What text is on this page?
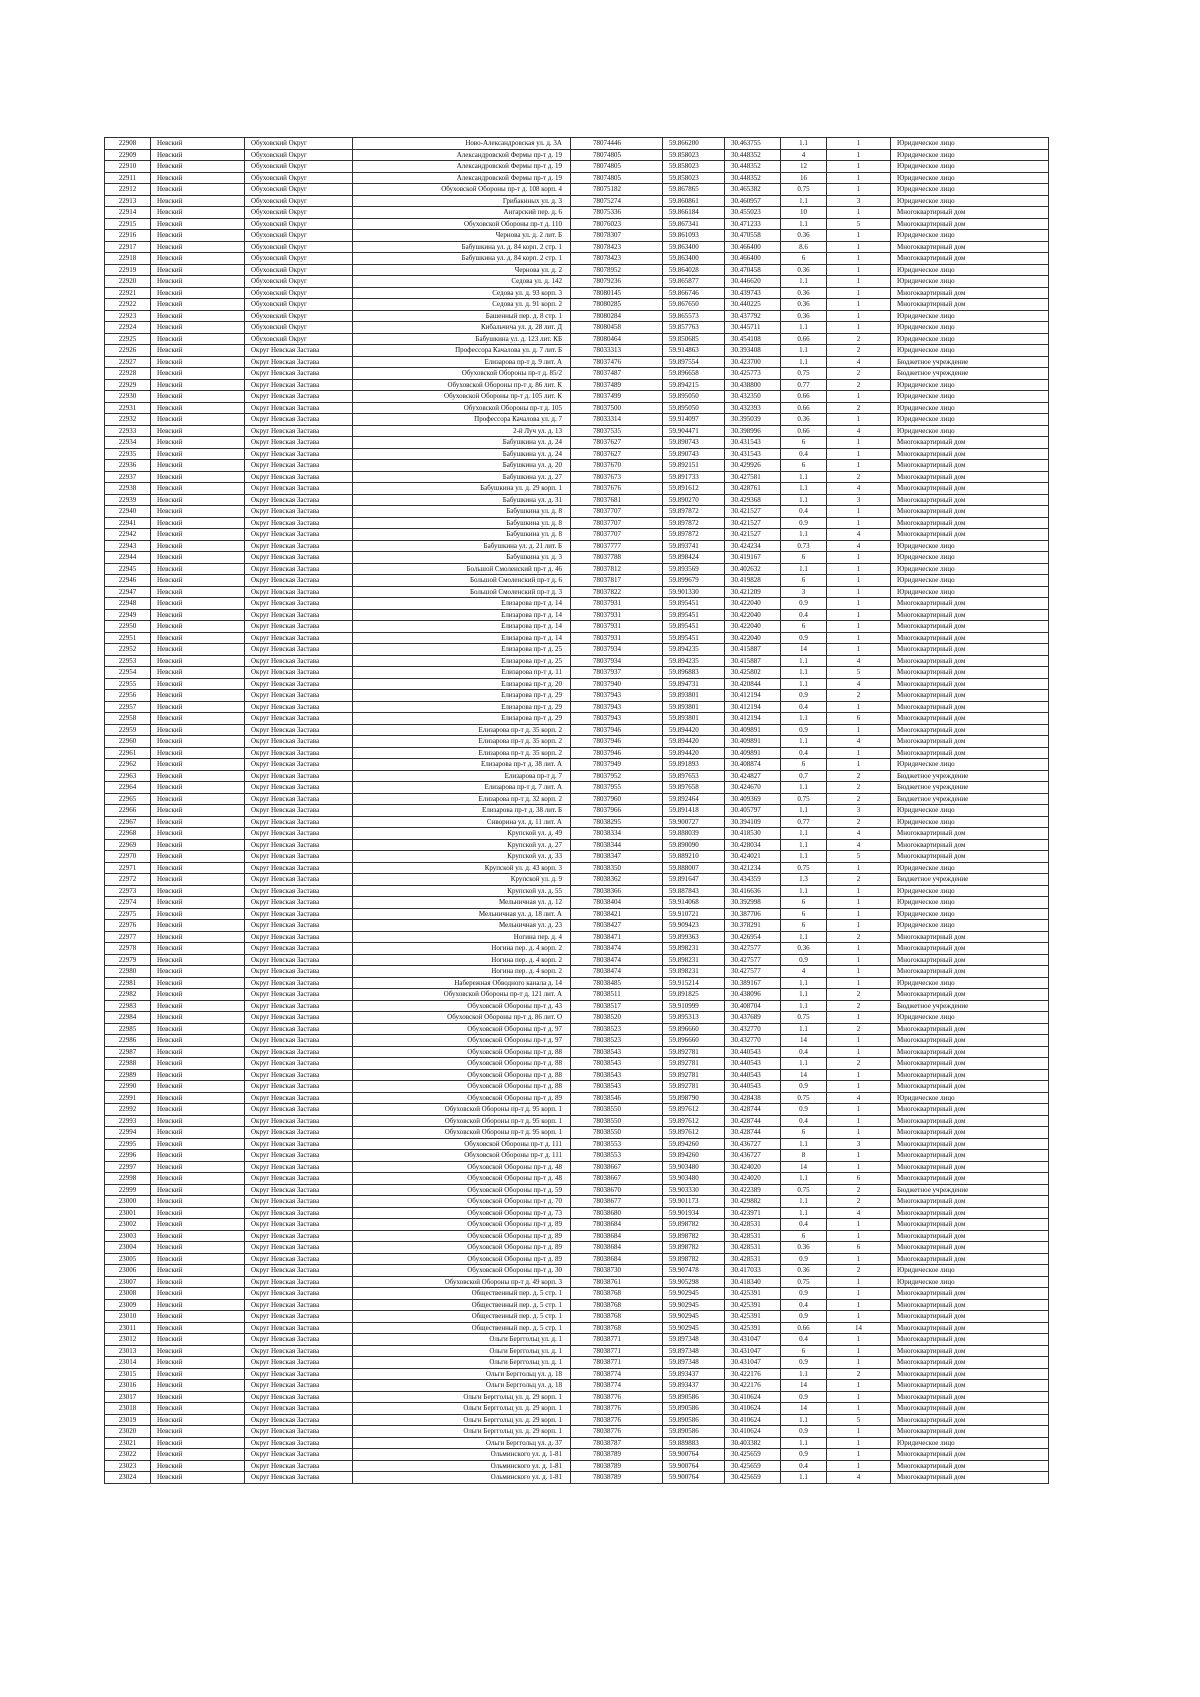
22908	Невский	Обуховский Округ	Ново-Александровская ул. д. 3А	78074446	59.866200	30.463755	1.1	1	Юридическое лицо
22909	Невский	Обуховский Округ	Александровской Фермы пр-т д. 19	78074805	59.858023	30.448352	4	1	Юридическое лицо
22910	Невский	Обуховский Округ	Александровской Фермы пр-т д. 19	78074805	59.858023	30.448352	12	1	Юридическое лицо
22911	Невский	Обуховский Округ	Александровской Фермы пр-т д. 19	78074805	59.858023	30.448352	16	1	Юридическое лицо
22912	Невский	Обуховский Округ	Обуховской Обороны пр-т д. 108 корп. 4	78075182	59.867865	30.465382	0.75	1	Юридическое лицо
22913	Невский	Обуховский Округ	Грибакиных ул. д. 3	78075274	59.860861	30.460957	1.1	3	Юридическое лицо
22914	Невский	Обуховский Округ	Ангарский пер. д. 6	78075336	59.866184	30.455023	10	1	Многоквартирный дом
22915	Невский	Обуховский Округ	Обуховской Обороны пр-т д. 110	78076023	59.867341	30.471233	1.1	5	Многоквартирный дом
22916	Невский	Обуховский Округ	Чернова ул. д. 2 лит. Б	78078307	59.861093	30.470558	0.36	1	Юридическое лицо
22917	Невский	Обуховский Округ	Бабушкина ул. д. 84 корп. 2 стр. 1	78078423	59.863400	30.466400	8.6	1	Многоквартирный дом
22918	Невский	Обуховский Округ	Бабушкина ул. д. 84 корп. 2 стр. 1	78078423	59.863400	30.466400	6	1	Многоквартирный дом
22919	Невский	Обуховский Округ	Чернова ул. д. 2	78078952	59.864028	30.470458	0.36	1	Юридическое лицо
22920	Невский	Обуховский Округ	Седова ул. д. 142	78079236	59.865877	30.446620	1.1	1	Юридическое лицо
22921	Невский	Обуховский Округ	Седова ул. д. 93 корп. 3	78080145	59.866746	30.439743	0.36	1	Многоквартирный дом
22922	Невский	Обуховский Округ	Седова ул. д. 91 корп. 2	78080285	59.867650	30.440225	0.36	1	Многоквартирный дом
22923	Невский	Обуховский Округ	Башенный пер. д. 8 стр. 1	78080284	59.865573	30.437792	0.36	1	Юридическое лицо
22924	Невский	Обуховский Округ	Кибальчича ул. д. 28 лит. Д	78080458	59.857763	30.445711	1.1	1	Юридическое лицо
22925	Невский	Обуховский Округ	Бабушкина ул. д. 123 лит. КБ	78080464	59.850685	30.454108	0.66	2	Юридическое лицо
22926	Невский	Округ Невская Застава	Профессора Качалова ул. д. 7 лит. Б	78033313	59.914863	30.393408	1.1	2	Юридическое лицо
22927	Невский	Округ Невская Застава	Елизарова пр-т д. 9 лит. А	78037476	59.897554	30.423700	1.1	4	Бюджетное учреждение
22928	Невский	Округ Невская Застава	Обуховской Обороны пр-т д. 85/2	78037487	59.896658	30.425773	0.75	2	Бюджетное учреждение
22929	Невский	Округ Невская Застава	Обуховской Обороны пр-т д. 86 лит. К	78037489	59.894215	30.438800	0.77	2	Юридическое лицо
22930	Невский	Округ Невская Застава	Обуховской Обороны пр-т д. 105 лит. К	78037499	59.895050	30.432350	0.66	1	Юридическое лицо
22931	Невский	Округ Невская Застава	Обуховской Обороны пр-т д. 105	78037500	59.895050	30.432393	0.66	2	Юридическое лицо
22932	Невский	Округ Невская Застава	Профессора Качалова ул. д. 7	78033314	59.914097	30.395039	0.36	1	Юридическое лицо
22933	Невский	Округ Невская Застава	2-й Луч ул. д. 13	78037535	59.904471	30.398996	0.66	4	Юридическое лицо
22934	Невский	Округ Невская Застава	Бабушкина ул. д. 24	78037627	59.890743	30.431543	6	1	Многоквартирный дом
22935	Невский	Округ Невская Застава	Бабушкина ул. д. 24	78037627	59.890743	30.431543	0.4	1	Многоквартирный дом
22936	Невский	Округ Невская Застава	Бабушкина ул. д. 20	78037670	59.892151	30.429926	6	1	Многоквартирный дом
22937	Невский	Округ Невская Застава	Бабушкина ул. д. 27	78037673	59.891733	30.427581	1.1	2	Многоквартирный дом
22938	Невский	Округ Невская Застава	Бабушкина ул. д. 29 корп. 1	78037676	59.891612	30.428761	1.1	4	Многоквартирный дом
22939	Невский	Округ Невская Застава	Бабушкина ул. д. 31	78037681	59.890270	30.429368	1.1	3	Многоквартирный дом
22940	Невский	Округ Невская Застава	Бабушкина ул. д. 8	78037707	59.897872	30.421527	0.4	1	Многоквартирный дом
22941	Невский	Округ Невская Застава	Бабушкина ул. д. 8	78037707	59.897872	30.421527	0.9	1	Многоквартирный дом
22942	Невский	Округ Невская Застава	Бабушкина ул. д. 8	78037707	59.897872	30.421527	1.1	4	Многоквартирный дом
22943	Невский	Округ Невская Застава	Бабушкина ул. д. 21 лит. Б	78037777	59.893741	30.424234	0.73	4	Юридическое лицо
22944	Невский	Округ Невская Застава	Бабушкина ул. д. 3	78037788	59.898424	30.419167	6	1	Юридическое лицо
22945	Невский	Округ Невская Застава	Большой Смоленский пр-т д. 46	78037812	59.893569	30.402632	1.1	1	Юридическое лицо
22946	Невский	Округ Невская Застава	Большой Смоленский пр-т д. 6	78037817	59.899679	30.419828	6	1	Юридическое лицо
22947	Невский	Округ Невская Застава	Большой Смоленский пр-т д. 3	78037822	59.901330	30.421209	3	1	Юридическое лицо
22948	Невский	Округ Невская Застава	Елизарова пр-т д. 14	78037931	59.895451	30.422040	0.9	1	Многоквартирный дом
22949	Невский	Округ Невская Застава	Елизарова пр-т д. 14	78037931	59.895451	30.422040	0.4	1	Многоквартирный дом
22950	Невский	Округ Невская Застава	Елизарова пр-т д. 14	78037931	59.895451	30.422040	6	1	Многоквартирный дом
22951	Невский	Округ Невская Застава	Елизарова пр-т д. 14	78037931	59.895451	30.422040	0.9	1	Многоквартирный дом
22952	Невский	Округ Невская Застава	Елизарова пр-т д. 25	78037934	59.894235	30.415887	14	1	Многоквартирный дом
22953	Невский	Округ Невская Застава	Елизарова пр-т д. 25	78037934	59.894235	30.415887	1.1	4	Многоквартирный дом
22954	Невский	Округ Невская Застава	Елизарова пр-т д. 11	78037937	59.896883	30.425802	1.1	5	Многоквартирный дом
22955	Невский	Округ Невская Застава	Елизарова пр-т д. 20	78037940	59.894731	30.420844	1.1	4	Многоквартирный дом
22956	Невский	Округ Невская Застава	Елизарова пр-т д. 29	78037943	59.893801	30.412194	0.9	2	Многоквартирный дом
22957	Невский	Округ Невская Застава	Елизарова пр-т д. 29	78037943	59.893801	30.412194	0.4	1	Многоквартирный дом
22958	Невский	Округ Невская Застава	Елизарова пр-т д. 29	78037943	59.893801	30.412194	1.1	6	Многоквартирный дом
22959	Невский	Округ Невская Застава	Елизарова пр-т д. 35 корп. 2	78037946	59.894420	30.409891	0.9	1	Многоквартирный дом
22960	Невский	Округ Невская Застава	Елизарова пр-т д. 35 корп. 2	78037946	59.894420	30.409891	1.1	4	Многоквартирный дом
22961	Невский	Округ Невская Застава	Елизарова пр-т д. 35 корп. 2	78037946	59.894420	30.409891	0.4	1	Многоквартирный дом
22962	Невский	Округ Невская Застава	Елизарова пр-т д. 38 лит. А	78037949	59.891893	30.408874	6	1	Юридическое лицо
22963	Невский	Округ Невская Застава	Елизарова пр-т д. 7	78037952	59.897653	30.424827	0.7	2	Бюджетное учреждение
22964	Невский	Округ Невская Застава	Елизарова пр-т д. 7 лит. А	78037955	59.897658	30.424670	1.1	2	Бюджетное учреждение
22965	Невский	Округ Невская Застава	Елизарова пр-т д. 32 корп. 2	78037960	59.892464	30.409369	0.75	2	Бюджетное учреждение
22966	Невский	Округ Невская Застава	Елизарова пр-т д. 38 лит. Б	78037966	59.891418	30.405797	1.1	3	Юридическое лицо
22967	Невский	Округ Невская Застава	Сиворина ул. д. 11 лит. А	78038295	59.900727	30.394109	0.77	2	Юридическое лицо
22968	Невский	Округ Невская Застава	Крупской ул. д. 49	78038334	59.888039	30.418530	1.1	4	Многоквартирный дом
22969	Невский	Округ Невская Застава	Крупской ул. д. 27	78038344	59.890090	30.428034	1.1	4	Многоквартирный дом
22970	Невский	Округ Невская Застава	Крупской ул. д. 33	78038347	59.889210	30.424021	1.1	5	Многоквартирный дом
22971	Невский	Округ Невская Застава	Крупской ул. д. 43 корп. 3	78038350	59.888007	30.421234	0.75	1	Юридическое лицо
22972	Невский	Округ Невская Застава	Крупской ул. д. 9	78038362	59.891647	30.434359	1.3	2	Бюджетное учреждение
22973	Невский	Округ Невская Застава	Крупской ул. д. 55	78038366	59.887843	30.416636	1.1	1	Юридическое лицо
22974	Невский	Округ Невская Застава	Мельничная ул. д. 12	78038404	59.914068	30.392998	6	1	Юридическое лицо
22975	Невский	Округ Невская Застава	Мельничная ул. д. 18 лит. А	78038421	59.910721	30.387706	6	1	Юридическое лицо
22976	Невский	Округ Невская Застава	Мельничная ул. д. 23	78038427	59.909423	30.378291	6	1	Юридическое лицо
22977	Невский	Округ Невская Застава	Ногина пер. д. 4	78038471	59.899363	30.426954	1.1	2	Многоквартирный дом
22978	Невский	Округ Невская Застава	Ногина пер. д. 4 корп. 2	78038474	59.898231	30.427577	0.36	1	Многоквартирный дом
22979	Невский	Округ Невская Застава	Ногина пер. д. 4 корп. 2	78038474	59.898231	30.427577	0.9	1	Многоквартирный дом
22980	Невский	Округ Невская Застава	Ногина пер. д. 4 корп. 2	78038474	59.898231	30.427577	4	1	Многоквартирный дом
22981	Невский	Округ Невская Застава	Набережная Обводного канала д. 14	78038485	59.915214	30.389167	1.1	1	Юридическое лицо
22982	Невский	Округ Невская Застава	Обуховской Обороны пр-т д. 121 лит. А	78038511	59.891825	30.438096	1.1	2	Многоквартирный дом
22983	Невский	Округ Невская Застава	Обуховской Обороны пр-т д. 43	78038517	59.910999	30.408704	1.1	2	Бюджетное учреждение
22984	Невский	Округ Невская Застава	Обуховской Обороны пр-т д. 86 лит. О	78038520	59.895313	30.437689	0.75	1	Юридическое лицо
22985	Невский	Округ Невская Застава	Обуховской Обороны пр-т д. 97	78038523	59.896660	30.432770	1.1	2	Многоквартирный дом
22986	Невский	Округ Невская Застава	Обуховской Обороны пр-т д. 97	78038523	59.896660	30.432770	14	1	Многоквартирный дом
22987	Невский	Округ Невская Застава	Обуховской Обороны пр-т д. 88	78038543	59.892781	30.440543	0.4	1	Многоквартирный дом
22988	Невский	Округ Невская Застава	Обуховской Обороны пр-т д. 88	78038543	59.892781	30.440543	1.1	2	Многоквартирный дом
22989	Невский	Округ Невская Застава	Обуховской Обороны пр-т д. 88	78038543	59.892781	30.440543	14	1	Многоквартирный дом
22990	Невский	Округ Невская Застава	Обуховской Обороны пр-т д. 88	78038543	59.892781	30.440543	0.9	1	Многоквартирный дом
22991	Невский	Округ Невская Застава	Обуховской Обороны пр-т д. 89	78038546	59.898790	30.428438	0.75	4	Юридическое лицо
22992	Невский	Округ Невская Застава	Обуховской Обороны пр-т д. 95 корп. 1	78038550	59.897612	30.428744	0.9	1	Многоквартирный дом
22993	Невский	Округ Невская Застава	Обуховской Обороны пр-т д. 95 корп. 1	78038550	59.897612	30.428744	0.4	1	Многоквартирный дом
22994	Невский	Округ Невская Застава	Обуховской Обороны пр-т д. 95 корп. 1	78038550	59.897612	30.428744	6	1	Многоквартирный дом
22995	Невский	Округ Невская Застава	Обуховской Обороны пр-т д. 111	78038553	59.894260	30.436727	1.1	3	Многоквартирный дом
22996	Невский	Округ Невская Застава	Обуховской Обороны пр-т д. 111	78038553	59.894260	30.436727	8	1	Многоквартирный дом
22997	Невский	Округ Невская Застава	Обуховской Обороны пр-т д. 48	78038667	59.903480	30.424020	14	1	Многоквартирный дом
22998	Невский	Округ Невская Застава	Обуховской Обороны пр-т д. 48	78038667	59.903480	30.424020	1.1	6	Многоквартирный дом
22999	Невский	Округ Невская Застава	Обуховской Обороны пр-т д. 59	78038670	59.903330	30.422389	0.75	2	Бюджетное учреждение
23000	Невский	Округ Невская Застава	Обуховской Обороны пр-т д. 70	78038677	59.901173	30.429882	1.1	2	Многоквартирный дом
23001	Невский	Округ Невская Застава	Обуховской Обороны пр-т д. 73	78038680	59.901934	30.423971	1.1	4	Многоквартирный дом
23002	Невский	Округ Невская Застава	Обуховской Обороны пр-т д. 89	78038684	59.898782	30.428531	0.4	1	Многоквартирный дом
23003	Невский	Округ Невская Застава	Обуховской Обороны пр-т д. 89	78038684	59.898782	30.428531	6	1	Многоквартирный дом
23004	Невский	Округ Невская Застава	Обуховской Обороны пр-т д. 89	78038684	59.898782	30.428531	0.36	6	Многоквартирный дом
23005	Невский	Округ Невская Застава	Обуховской Обороны пр-т д. 89	78038684	59.898782	30.428531	0.9	1	Многоквартирный дом
23006	Невский	Округ Невская Застава	Обуховской Обороны пр-т д. 30	78038730	59.907478	30.417033	0.36	2	Юридическое лицо
23007	Невский	Округ Невская Застава	Обуховской Обороны пр-т д. 49 корп. 3	78038761	59.905298	30.418340	0.75	1	Юридическое лицо
23008	Невский	Округ Невская Застава	Общественный пер. д. 5 стр. 1	78038768	59.902945	30.425391	0.9	1	Многоквартирный дом
23009	Невский	Округ Невская Застава	Общественный пер. д. 5 стр. 1	78038768	59.902945	30.425391	0.4	1	Многоквартирный дом
23010	Невский	Округ Невская Застава	Общественный пер. д. 5 стр. 1	78038768	59.902945	30.425391	0.9	1	Многоквартирный дом
23011	Невский	Округ Невская Застава	Общественный пер. д. 5 стр. 1	78038768	59.902945	30.425391	0.66	14	Многоквартирный дом
23012	Невский	Округ Невская Застава	Ольги Берггольц ул. д. 1	78038771	59.897348	30.431047	0.4	1	Многоквартирный дом
23013	Невский	Округ Невская Застава	Ольги Берггольц ул. д. 1	78038771	59.897348	30.431047	6	1	Многоквартирный дом
23014	Невский	Округ Невская Застава	Ольги Берггольц ул. д. 1	78038771	59.897348	30.431047	0.9	1	Многоквартирный дом
23015	Невский	Округ Невская Застава	Ольги Берггольц ул. д. 18	78038774	59.893437	30.422176	1.1	2	Многоквартирный дом
23016	Невский	Округ Невская Застава	Ольги Берггольц ул. д. 18	78038774	59.893437	30.422176	14	1	Многоквартирный дом
23017	Невский	Округ Невская Застава	Ольги Берггольц ул. д. 29 корп. 1	78038776	59.890586	30.410624	0.9	1	Многоквартирный дом
23018	Невский	Округ Невская Застава	Ольги Берггольц ул. д. 29 корп. 1	78038776	59.890586	30.410624	14	1	Многоквартирный дом
23019	Невский	Округ Невская Застава	Ольги Берггольц ул. д. 29 корп. 1	78038776	59.890586	30.410624	1.1	5	Многоквартирный дом
23020	Невский	Округ Невская Застава	Ольги Берггольц ул. д. 29 корп. 1	78038776	59.890586	30.410624	0.9	1	Многоквартирный дом
23021	Невский	Округ Невская Застава	Ольги Берггольц ул. д. 37	78038787	59.889883	30.403382	1.1	1	Юридическое лицо
23022	Невский	Округ Невская Застава	Ольминского ул. д. 1-81	78038789	59.900764	30.425659	0.9	1	Многоквартирный дом
23023	Невский	Округ Невская Застава	Ольминского ул. д. 1-81	78038789	59.900764	30.425659	0.4	1	Многоквартирный дом
23024	Невский	Округ Невская Застава	Ольминского ул. д. 1-81	78038789	59.900764	30.425659	1.1	4	Многоквартирный дом
